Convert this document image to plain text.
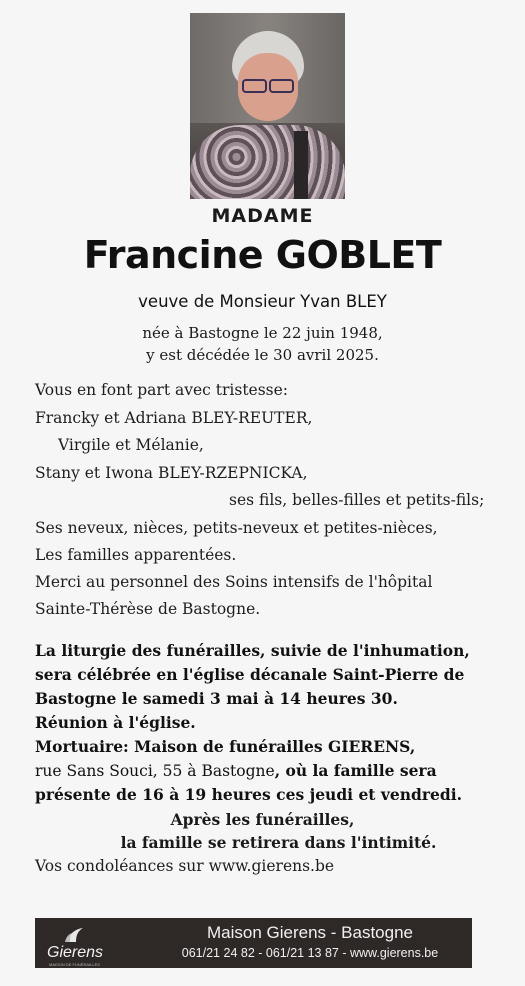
MADAME
Francine GOBLET
veuve de Monsieur Yvan BLEY
née à Bastogne le 22 juin 1948,
y est décédée le 30 avril 2025.
Vous en font part avec tristesse:
Francky et Adriana BLEY-REUTER,
Virgile et Mélanie,
Stany et Iwona BLEY-RZEPNICKA,
ses fils, belles-filles et petits-fils;
Ses neveux, nièces, petits-neveux et petites-nièces,
Les familles apparentées.
Merci au personnel des Soins intensifs de l'hôpital
Sainte-Thérèse de Bastogne.
La liturgie des funérailles, suivie de l'inhumation,
sera célébrée en l'église décanale Saint-Pierre de
Bastogne le samedi 3 mai à 14 heures 30.
Réunion à l'église.
Mortuaire: Maison de funérailles GIERENS,
rue Sans Souci, 55 à Bastogne, où la famille sera
présente de 16 à 19 heures ces jeudi et vendredi.
Après les funérailles,
la famille se retirera dans l'intimité.
Vos condoléances sur www.gierens.be
Gierens
MAISON DE FUNÉRAILLES
Maison Gierens - Bastogne
061/21 24 82 - 061/21 13 87 - www.gierens.be
